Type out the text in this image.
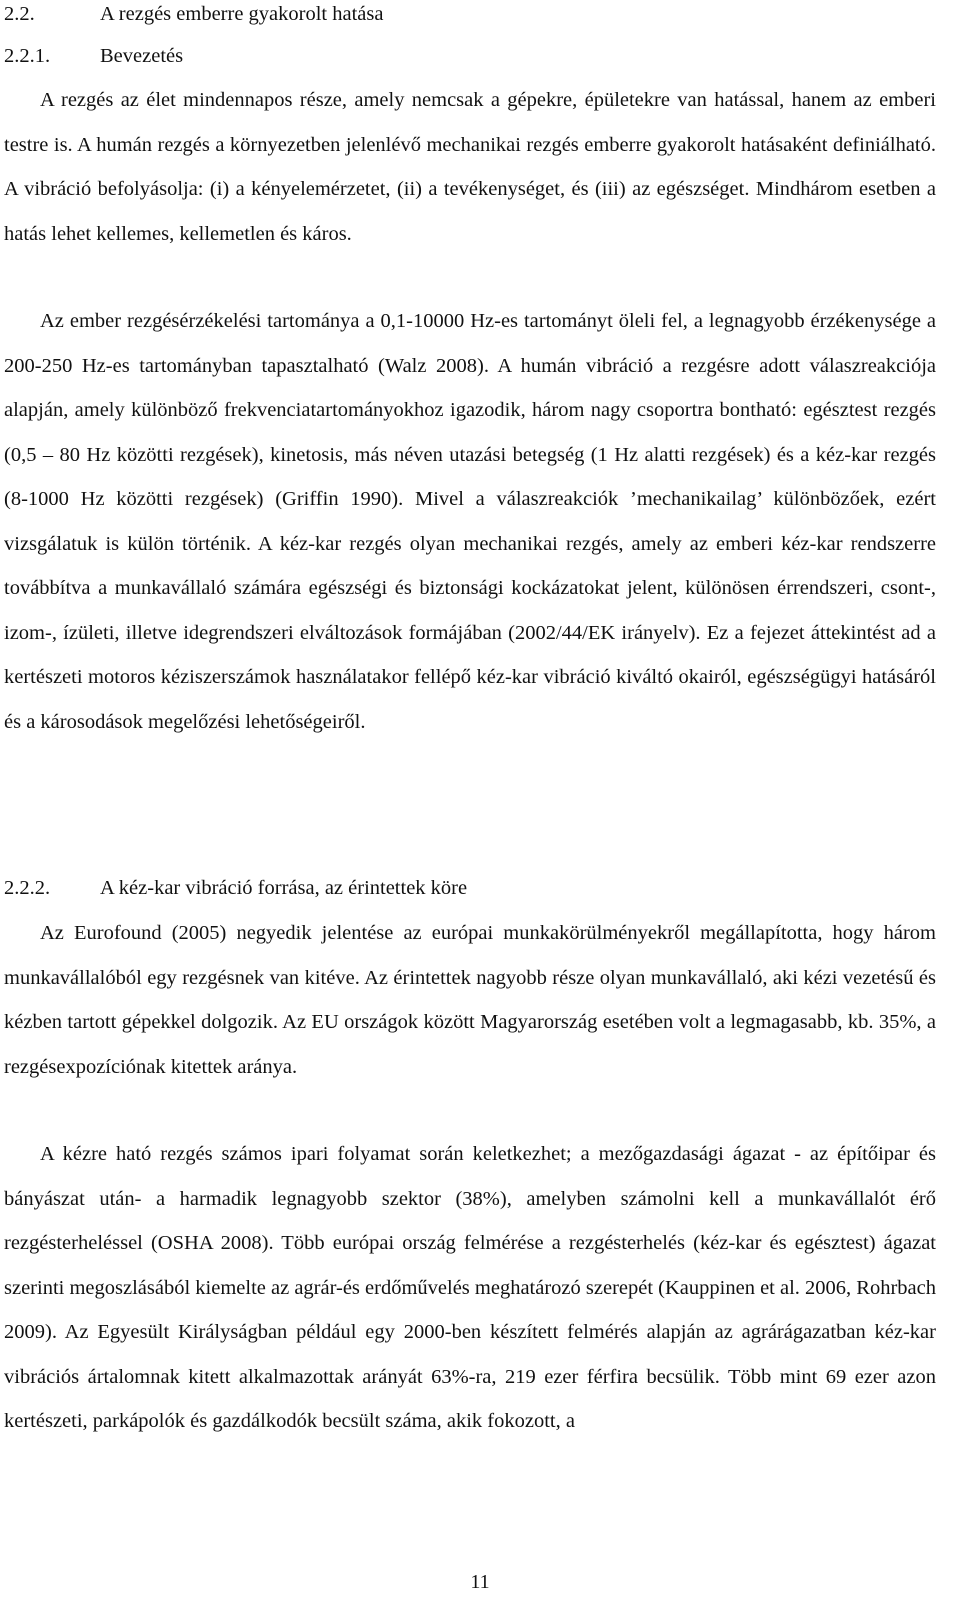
2.2.	A rezgés emberre gyakorolt hatása
2.2.1. Bevezetés
A rezgés az élet mindennapos része, amely nemcsak a gépekre, épületekre van hatással, hanem az emberi testre is. A humán rezgés a környezetben jelenlévő mechanikai rezgés emberre gyakorolt hatásaként definiálható. A vibráció befolyásolja: (i) a kényelemérzetet, (ii) a tevékenységet, és (iii) az egészséget. Mindhárom esetben a hatás lehet kellemes, kellemetlen és káros.
Az ember rezgésérzékelési tartománya a 0,1-10000 Hz-es tartományt öleli fel, a legnagyobb érzékenysége a 200-250 Hz-es tartományban tapasztalható (Walz 2008). A humán vibráció a rezgésre adott válaszreakciója alapján, amely különböző frekvenciatartományokhoz igazodik, három nagy csoportra bontható: egésztest rezgés (0,5 – 80 Hz közötti rezgések), kinetosis, más néven utazási betegség (1 Hz alatti rezgések) és a kéz-kar rezgés (8-1000 Hz közötti rezgések) (Griffin 1990). Mivel a válaszreakciók ’mechanikailag’ különbözőek, ezért vizsgálatuk is külön történik. A kéz-kar rezgés olyan mechanikai rezgés, amely az emberi kéz-kar rendszerre továbbítva a munkavállaló számára egészségi és biztonsági kockázatokat jelent, különösen érrendszeri, csont-, izom-, ízületi, illetve idegrendszeri elváltozások formájában (2002/44/EK irányelv). Ez a fejezet áttekintést ad a kertészeti motoros kéziszerszámok használatakor fellépő kéz-kar vibráció kiváltó okairól, egészségügyi hatásáról és a károsodások megelőzési lehetőségeiről.
2.2.2. A kéz-kar vibráció forrása, az érintettek köre
Az Eurofound (2005) negyedik jelentése az európai munkakörülményekről megállapította, hogy három munkavállalóból egy rezgésnek van kitéve. Az érintettek nagyobb része olyan munkavállaló, aki kézi vezetésű és kézben tartott gépekkel dolgozik. Az EU országok között Magyarország esetében volt a legmagasabb, kb. 35%, a rezgésexpozíciónak kitettek aránya.
A kézre ható rezgés számos ipari folyamat során keletkezhet; a mezőgazdasági ágazat - az építőipar és bányászat után- a harmadik legnagyobb szektor (38%), amelyben számolni kell a munkavállalót érő rezgésterheléssel (OSHA 2008). Több európai ország felmérése a rezgésterhelés (kéz-kar és egésztest) ágazat szerinti megoszlásából kiemelte az agrár-és erdőművelés meghatározó szerepét (Kauppinen et al. 2006, Rohrbach 2009). Az Egyesült Királyságban például egy 2000-ben készített felmérés alapján az agrárágazatban kéz-kar vibrációs ártalomnak kitett alkalmazottak arányát 63%-ra, 219 ezer férfira becsülik. Több mint 69 ezer azon kertészeti, parkápolók és gazdálkodók becsült száma, akik fokozott, a
11
